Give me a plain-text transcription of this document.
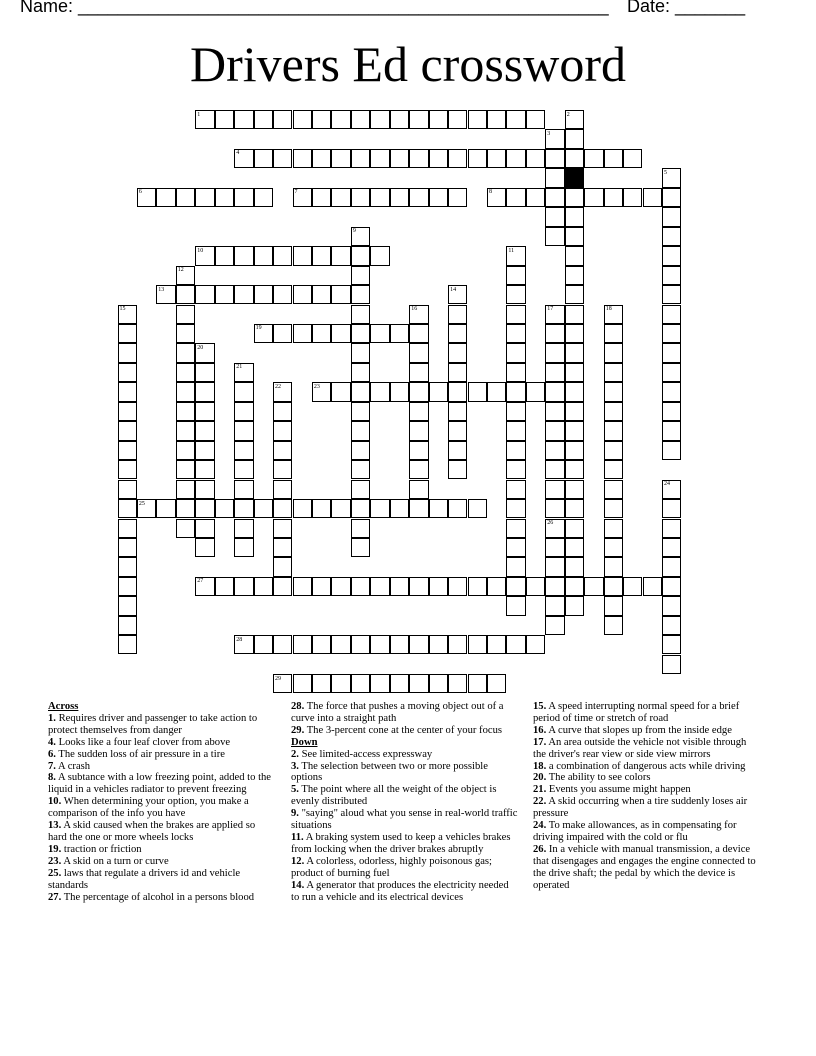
Name: _____________________________________________________ Date: _______
Drivers Ed crossword
1
4
6	7	8
10
13
19
23
25
27
28
29
2
3
5
9
11
12
14
15	16	17	18
20
21
22
24
26
Across
1. Requires driver and passenger to take action to protect themselves from danger
4. Looks like a four leaf clover from above
6. The sudden loss of air pressure in a tire
7. A crash
8. A subtance with a low freezing point, added to the liquid in a vehicles radiator to prevent freezing
10. When determining your option, you make a comparison of the info you have
13. A skid caused when the brakes are applied so hard the one or more wheels locks
19. traction or friction
23. A skid on a turn or curve
25. laws that regulate a drivers id and vehicle standards
27. The percentage of alcohol in a persons blood
28. The force that pushes a moving object out of a curve into a straight path
29. The 3-percent cone at the center of your focus
Down
2. See limited-access expressway
3. The selection between two or more possible options
5. The point where all the weight of the object is evenly distributed
9. "saying" aloud what you sense in real-world traffic situations
11. A braking system used to keep a vehicles brakes from locking when the driver brakes abruptly
12. A colorless, odorless, highly poisonous gas; product of burning fuel
14. A generator that produces the electricity needed to run a vehicle and its electrical devices
15. A speed interrupting normal speed for a brief period of time or stretch of road
16. A curve that slopes up from the inside edge
17. An area outside the vehicle not visible through the driver's rear view or side view mirrors
18. a combination of dangerous acts while driving
20. The ability to see colors
21. Events you assume might happen
22. A skid occurring when a tire suddenly loses air pressure
24. To make allowances, as in compensating for driving impaired with the cold or flu
26. In a vehicle with manual transmission, a device that disengages and engages the engine connected to the drive shaft; the pedal by which the device is operated
